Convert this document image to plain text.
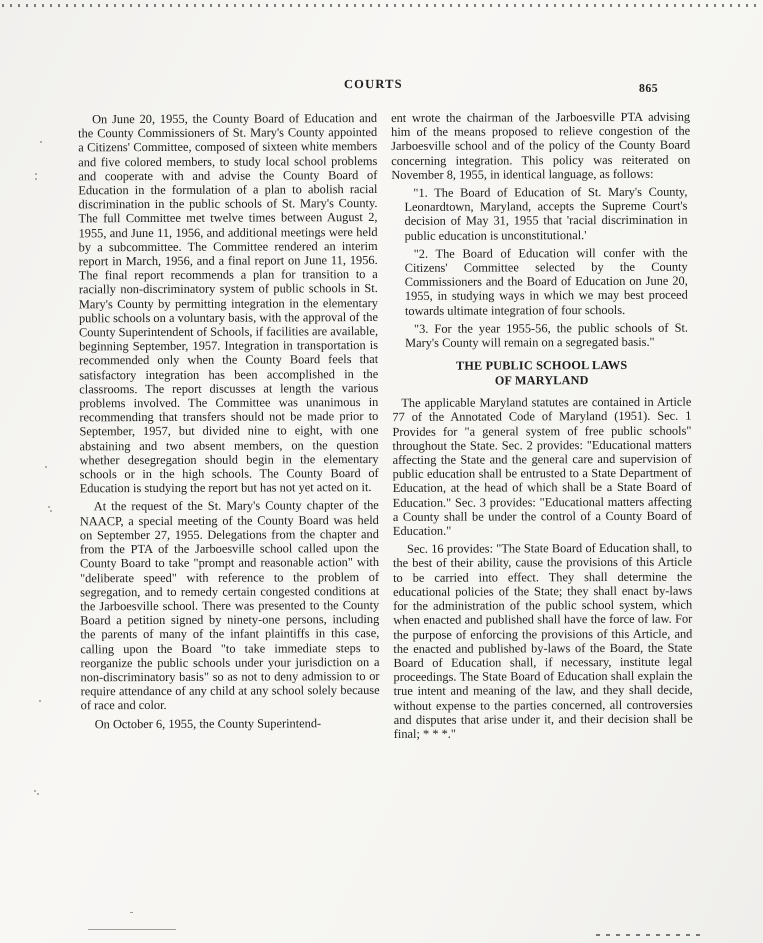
COURTS	865

On June 20, 1955, the County Board of Education and the County Commissioners of St. Mary's County appointed a Citizens' Committee, composed of sixteen white members and five colored members, to study local school problems and cooperate with and advise the County Board of Education in the formulation of a plan to abolish racial discrimination in the public schools of St. Mary's County. The full Committee met twelve times between August 2, 1955, and June 11, 1956, and additional meetings were held by a subcommittee. The Committee rendered an interim report in March, 1956, and a final report on June 11, 1956. The final report recommends a plan for transition to a racially non-discriminatory system of public schools in St. Mary's County by permitting integration in the elementary public schools on a voluntary basis, with the approval of the County Superintendent of Schools, if facilities are available, beginning September, 1957. Integration in transportation is recommended only when the County Board feels that satisfactory integration has been accomplished in the classrooms. The report discusses at length the various problems involved. The Committee was unanimous in recommending that transfers should not be made prior to September, 1957, but divided nine to eight, with one abstaining and two absent members, on the question whether desegregation should begin in the elementary schools or in the high schools. The County Board of Education is studying the report but has not yet acted on it.

At the request of the St. Mary's County chapter of the NAACP, a special meeting of the County Board was held on September 27, 1955. Delegations from the chapter and from the PTA of the Jarboesville school called upon the County Board to take "prompt and reasonable action" with "deliberate speed" with reference to the problem of segregation, and to remedy certain congested conditions at the Jarboesville school. There was presented to the County Board a petition signed by ninety-one persons, including the parents of many of the infant plaintiffs in this case, calling upon the Board "to take immediate steps to reorganize the public schools under your jurisdiction on a non-discriminatory basis" so as not to deny admission to or require attendance of any child at any school solely because of race and color.

On October 6, 1955, the County Superintend-

ent wrote the chairman of the Jarboesville PTA advising him of the means proposed to relieve congestion of the Jarboesville school and of the policy of the County Board concerning integration. This policy was reiterated on November 8, 1955, in identical language, as follows:

"1. The Board of Education of St. Mary's County, Leonardtown, Maryland, accepts the Supreme Court's decision of May 31, 1955 that 'racial discrimination in public education is unconstitutional.'

"2. The Board of Education will confer with the Citizens' Committee selected by the County Commissioners and the Board of Education on June 20, 1955, in studying ways in which we may best proceed towards ultimate integration of four schools.

"3. For the year 1955-56, the public schools of St. Mary's County will remain on a segregated basis."

THE PUBLIC SCHOOL LAWS
OF MARYLAND

The applicable Maryland statutes are contained in Article 77 of the Annotated Code of Maryland (1951). Sec. 1 Provides for "a general system of free public schools" throughout the State. Sec. 2 provides: "Educational matters affecting the State and the general care and supervision of public education shall be entrusted to a State Department of Education, at the head of which shall be a State Board of Education." Sec. 3 provides: "Educational matters affecting a County shall be under the control of a County Board of Education."

Sec. 16 provides: "The State Board of Education shall, to the best of their ability, cause the provisions of this Article to be carried into effect. They shall determine the educational policies of the State; they shall enact by-laws for the administration of the public school system, which when enacted and published shall have the force of law. For the purpose of enforcing the provisions of this Article, and the enacted and published by-laws of the Board, the State Board of Education shall, if necessary, institute legal proceedings. The State Board of Education shall explain the true intent and meaning of the law, and they shall decide, without expense to the parties concerned, all controversies and disputes that arise under it, and their decision shall be final; * * *."
